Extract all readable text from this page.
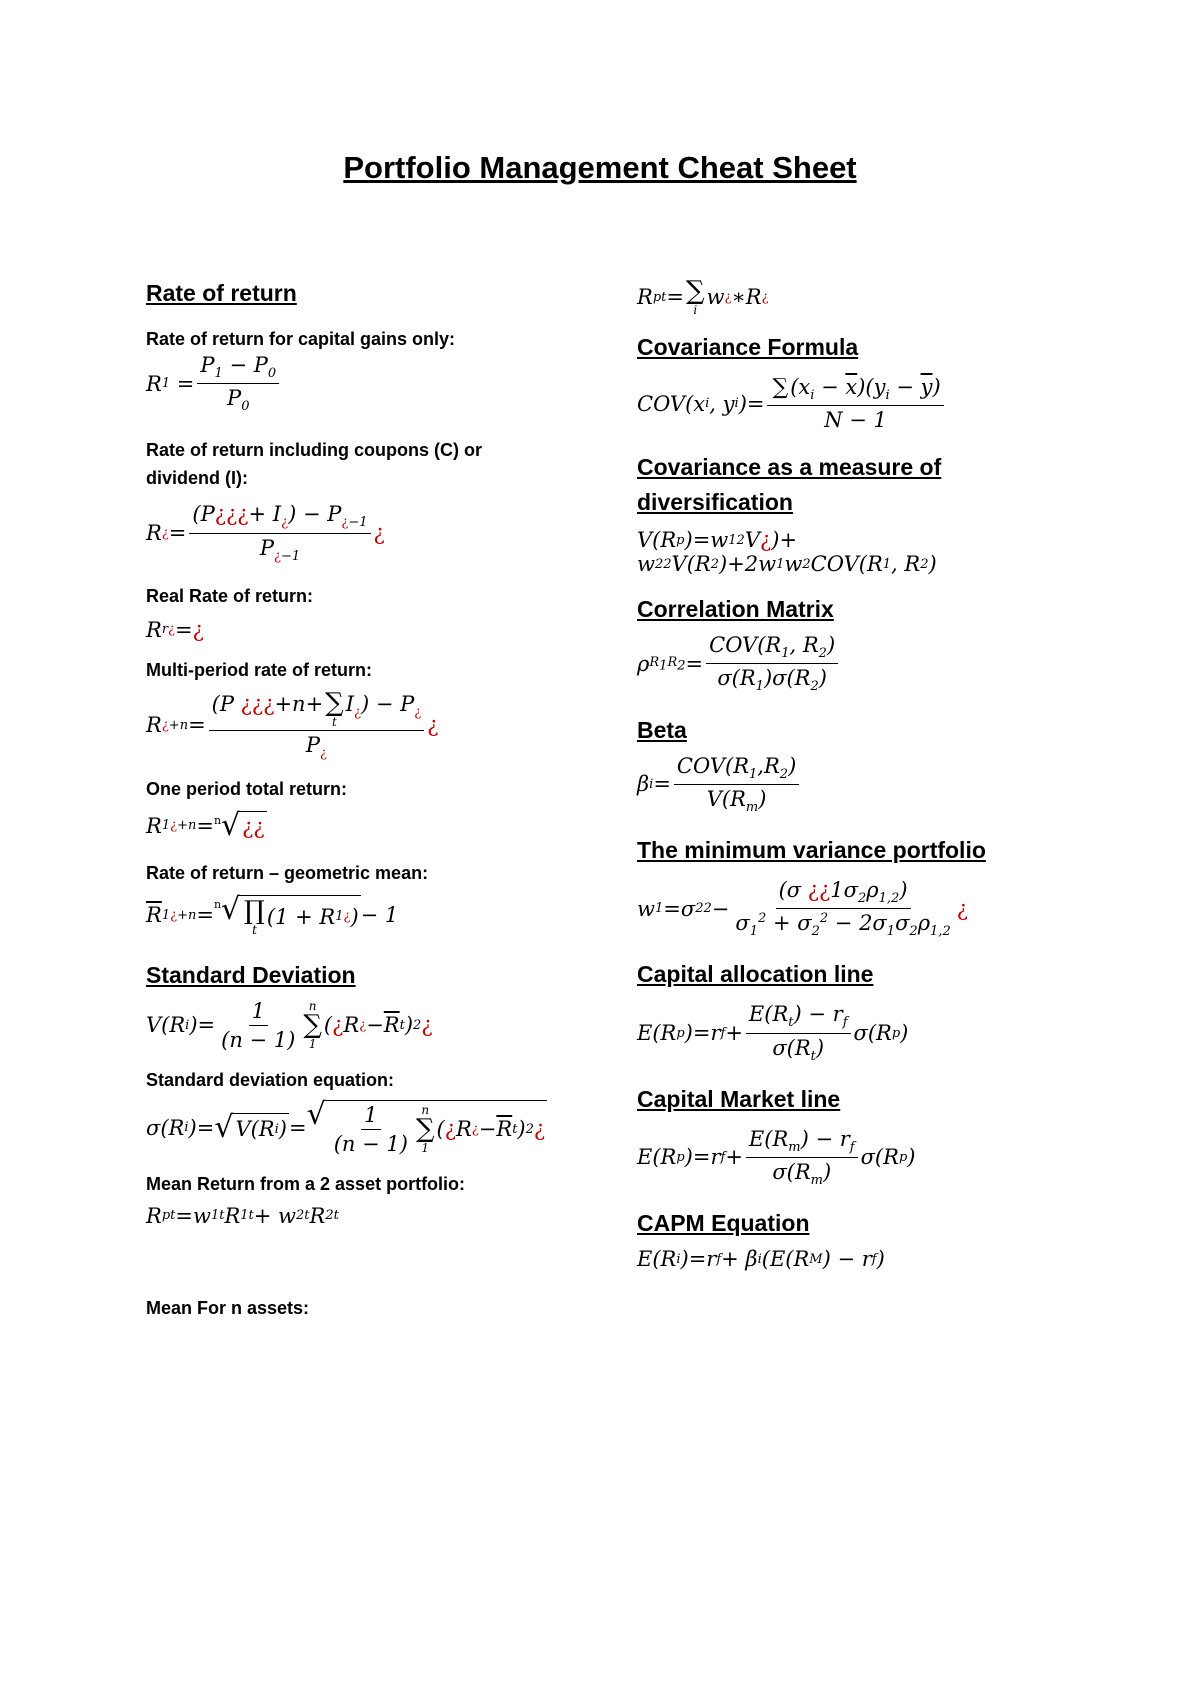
Portfolio Management Cheat Sheet

Rate of return

Rate of return for capital gains only:

R $1 = \frac{P_1 - P_0}{P_0}$

Rate of return including coupons (C) or dividend (I):

R ¿ = $\frac{(P¿¿¿+ I_¿) - P_{¿-1}}{P_{¿-1}}$ ¿

Real Rate of return:

R r ¿ = ¿

Multi-period rate of return:

R ¿+n = (P ¿¿¿+n+∑
t
$I_¿) - P_¿$
$P_¿$ ¿

One period total return:

R 1 ¿+n = $^n$√ ¿¿

Rate of return – geometric mean:

$\overline{R}$ 1 ¿+n = $^n$√ ∏
t
(1 + R 1 ¿ ) − 1

Standard Deviation

V(R i )= $\frac{1}{(n - 1)}$ n
∑
1
( ¿ R ¿ − $\overline{R}$ t ) 2 ¿

Standard deviation equation:

σ(R i )= √ V(R i ) = √ $\frac{1}{(n - 1)}$ n
∑
1
( ¿ R ¿ − $\overline{R}$ t ) 2 ¿

Mean Return from a 2 asset portfolio:

R pt =w 1t R 1t + w 2t R 2t

Mean For n assets:

R pt = ∑
i
w ¿ ∗R ¿

Covariance Formula

COV(x i , y i )= $\frac{\sum(x_i - \overline{x})(y_i - \overline{y})}{N - 1}$

Covariance as a measure of diversification

V(R p )=w 1 2 V ¿ )+
w 2 2 V(R 2 )+2w 1 w 2 COV(R 1 , R 2 )

Correlation Matrix

ρ $R_1R_2 = \frac{COV(R_1, R_2)}{\sigma(R_1)\sigma(R_2)}$

Beta

β $i = \frac{COV(R_1,R_2)}{V(R_m)}$

The minimum variance portfolio

w 1 =σ 2 $2 - \frac{(\sigma ¿¿1\sigma_2\rho_{1,2})}{\sigma_1^2 + \sigma_2^2 - 2\sigma_1\sigma_2\rho_{1,2}}$ ¿

Capital allocation line

E(R p )=r $f + \frac{E(R_t) - r_f}{\sigma(R_t)} \sigma(R$ p )

Capital Market line

E(R p )=r $f + \frac{E(R_m) - r_f}{\sigma(R_m)} \sigma(R$ p )

CAPM Equation

E(R i )=r f + β i (E(R M ) − r f )
